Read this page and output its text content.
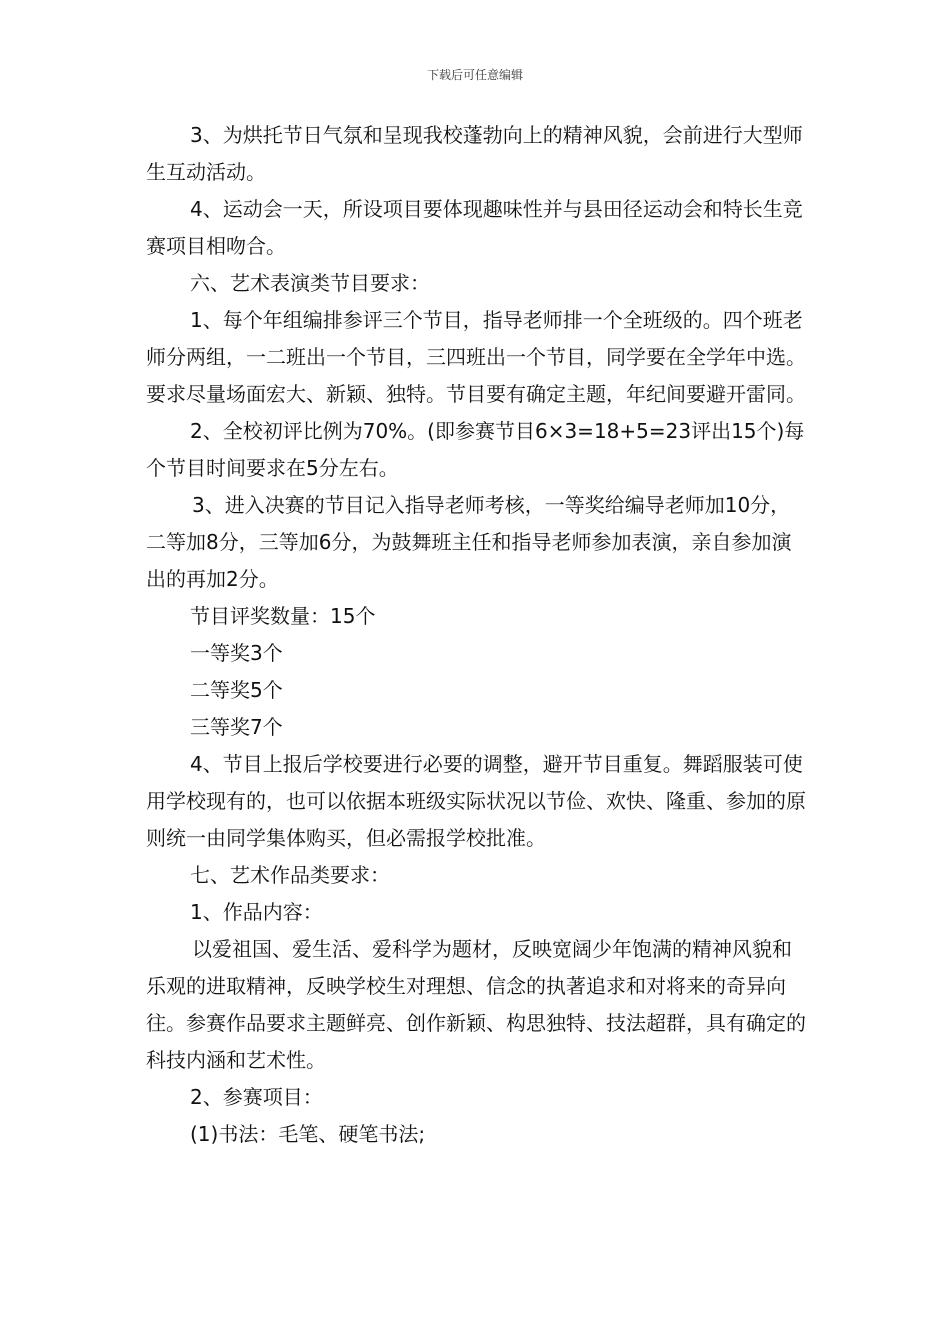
下载后可任意编辑

3、为烘托节日气氛和呈现我校蓬勃向上的精神风貌，会前进行大型师生互动活动。

4、运动会一天，所设项目要体现趣味性并与县田径运动会和特长生竞赛项目相吻合。

六、艺术表演类节目要求：

1、每个年组编排参评三个节目，指导老师排一个全班级的。四个班老师分两组，一二班出一个节目，三四班出一个节目，同学要在全学年中选。要求尽量场面宏大、新颖、独特。节目要有确定主题，年纪间要避开雷同。

2、全校初评比例为70%。(即参赛节目6×3=18+5=23评出15个)每个节目时间要求在5分左右。

3、进入决赛的节目记入指导老师考核，一等奖给编导老师加10分，二等加8分，三等加6分，为鼓舞班主任和指导老师参加表演，亲自参加演出的再加2分。

节目评奖数量：15个

一等奖3个

二等奖5个

三等奖7个

4、节目上报后学校要进行必要的调整，避开节目重复。舞蹈服装可使用学校现有的，也可以依据本班级实际状况以节俭、欢快、隆重、参加的原则统一由同学集体购买，但必需报学校批准。

七、艺术作品类要求：

1、作品内容：

以爱祖国、爱生活、爱科学为题材，反映宽阔少年饱满的精神风貌和乐观的进取精神，反映学校生对理想、信念的执著追求和对将来的奇异向往。参赛作品要求主题鲜亮、创作新颖、构思独特、技法超群，具有确定的科技内涵和艺术性。

2、参赛项目：

(1)书法：毛笔、硬笔书法;
